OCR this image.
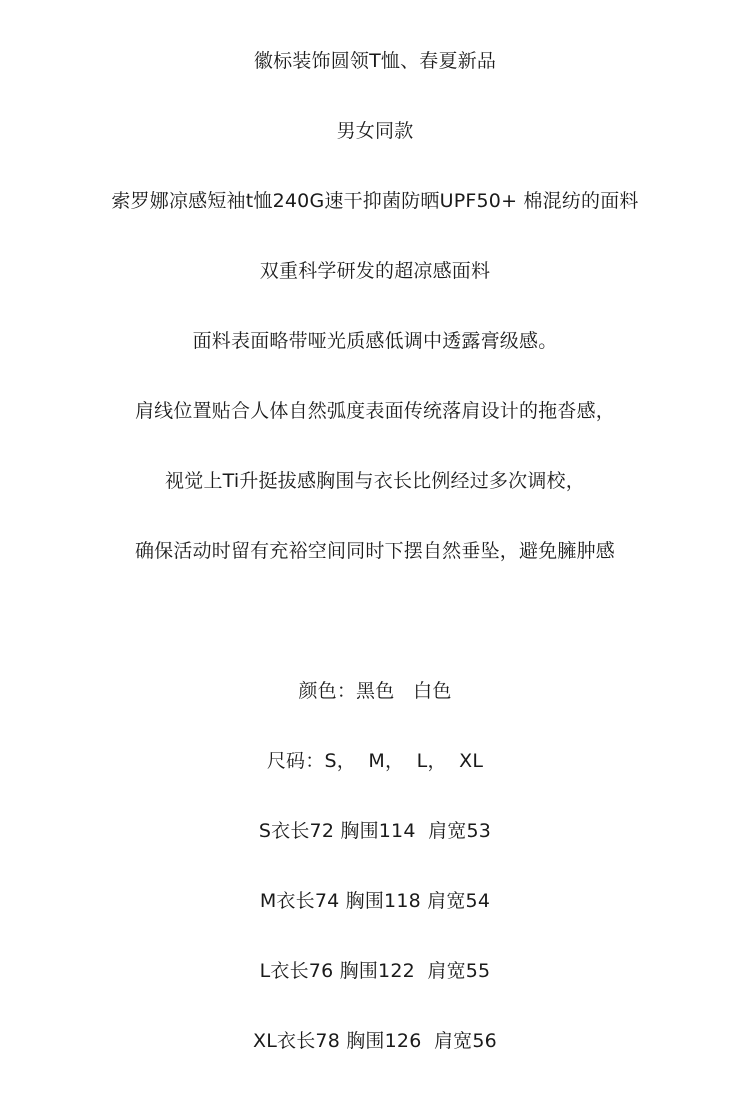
徽标装饰圆领T恤、春夏新品
男女同款
索罗娜凉感短袖t恤240G速干抑菌防晒UPF50+ 棉混纺的面料
双重科学研发的超凉感面料
面料表面略带哑光质感低调中透露膏级感。
肩线位置贴合人体自然弧度表面传统落肩设计的拖沓感，
视觉上Ti升挺拔感胸围与衣长比例经过多次调校，
确保活动时留有充裕空间同时下摆自然垂坠，避免臃肿感
颜色：黑色   白色
尺码：S，  M，  L，  XL
S衣长72 胸围114  肩宽53
M衣长74 胸围118 肩宽54
L衣长76 胸围122  肩宽55
XL衣长78 胸围126  肩宽56
